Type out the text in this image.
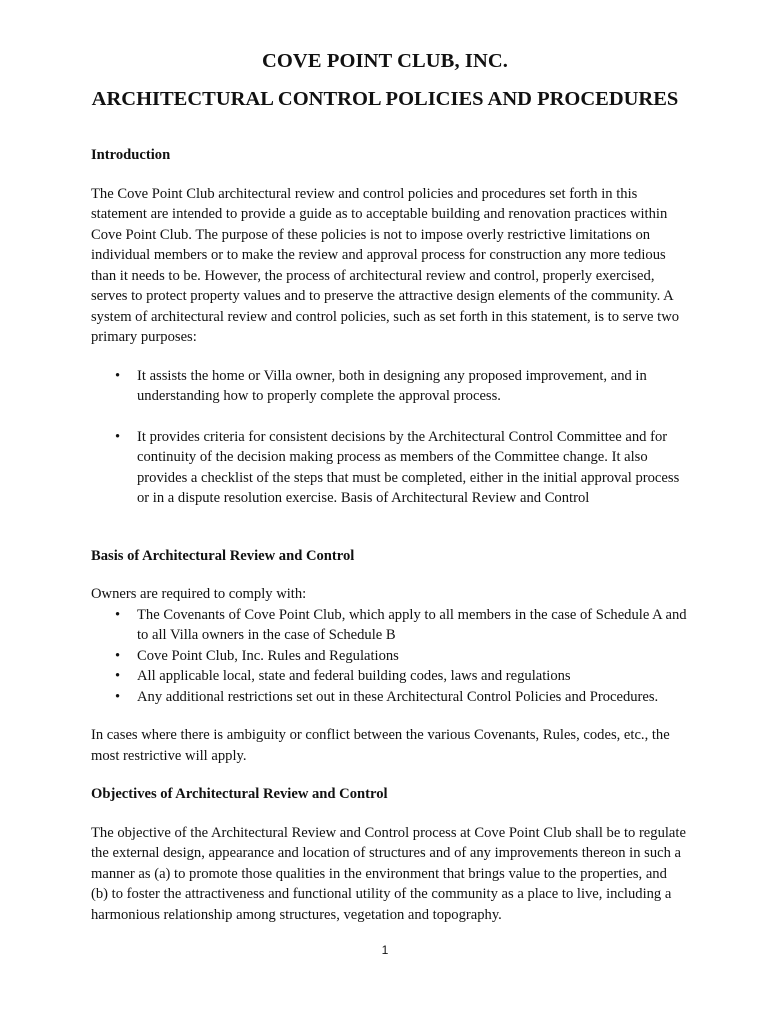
COVE POINT CLUB, INC.
ARCHITECTURAL CONTROL POLICIES AND PROCEDURES
Introduction

The Cove Point Club architectural review and control policies and procedures set forth in this statement are intended to provide a guide as to acceptable building and renovation practices within Cove Point Club. The purpose of these policies is not to impose overly restrictive limitations on individual members or to make the review and approval process for construction any more tedious than it needs to be. However, the process of architectural review and control, properly exercised, serves to protect property values and to preserve the attractive design elements of the community. A system of architectural review and control policies, such as set forth in this statement, is to serve two primary purposes:

• It assists the home or Villa owner, both in designing any proposed improvement, and in understanding how to properly complete the approval process.
• It provides criteria for consistent decisions by the Architectural Control Committee and for continuity of the decision making process as members of the Committee change. It also provides a checklist of the steps that must be completed, either in the initial approval process or in a dispute resolution exercise. Basis of Architectural Review and Control
Basis of Architectural Review and Control

Owners are required to comply with:

• The Covenants of Cove Point Club, which apply to all members in the case of Schedule A and to all Villa owners in the case of Schedule B
• Cove Point Club, Inc. Rules and Regulations
• All applicable local, state and federal building codes, laws and regulations
• Any additional restrictions set out in these Architectural Control Policies and Procedures.

In cases where there is ambiguity or conflict between the various Covenants, Rules, codes, etc., the most restrictive will apply.

Objectives of Architectural Review and Control

The objective of the Architectural Review and Control process at Cove Point Club shall be to regulate the external design, appearance and location of structures and of any improvements thereon in such a manner as (a) to promote those qualities in the environment that brings value to the properties, and (b) to foster the attractiveness and functional utility of the community as a place to live, including a harmonious relationship among structures, vegetation and topography.

1
